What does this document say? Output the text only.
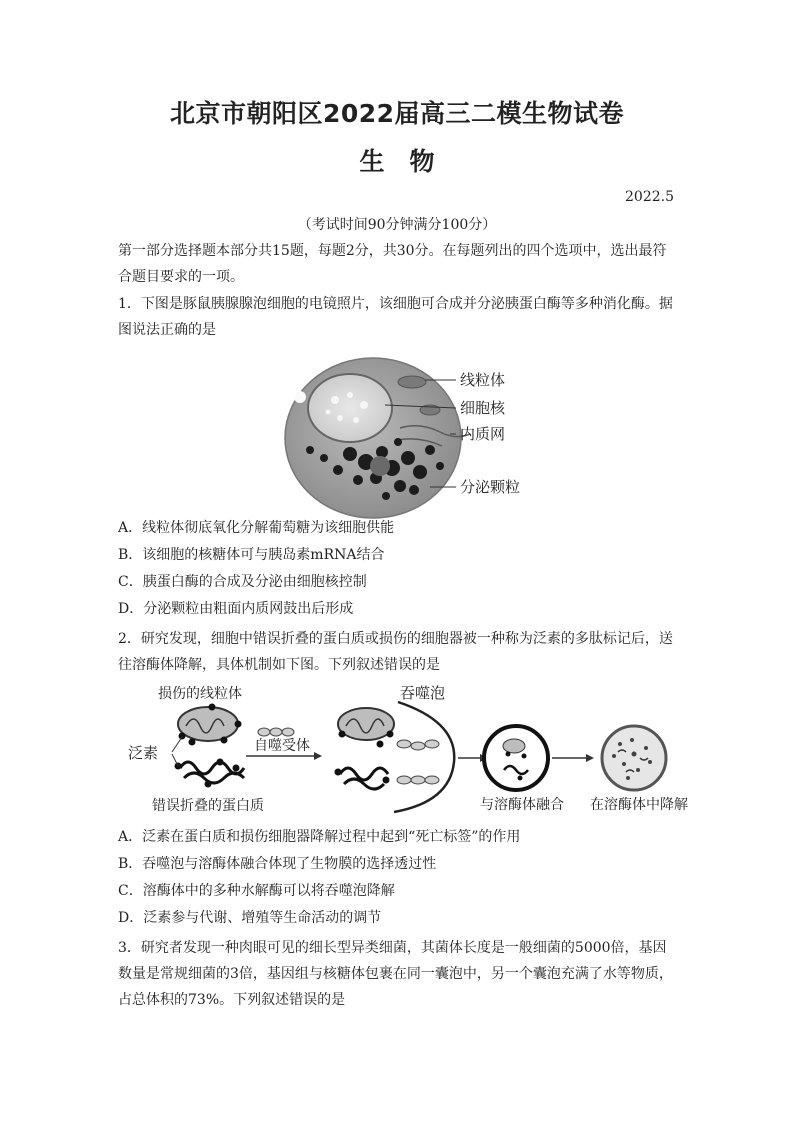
北京市朝阳区2022届高三二模生物试卷
生　物
2022.5
（考试时间90分钟满分100分）
第一部分选择题本部分共15题，每题2分，共30分。在每题列出的四个选项中，选出最符合题目要求的一项。
1．下图是豚鼠胰腺腺泡细胞的电镜照片，该细胞可合成并分泌胰蛋白酶等多种消化酶。据图说法正确的是
线粒体
细胞核
内质网
分泌颗粒
A．线粒体彻底氧化分解葡萄糖为该细胞供能
B．该细胞的核糖体可与胰岛素mRNA结合
C．胰蛋白酶的合成及分泌由细胞核控制
D．分泌颗粒由粗面内质网鼓出后形成
2．研究发现，细胞中错误折叠的蛋白质或损伤的细胞器被一种称为泛素的多肽标记后，送往溶酶体降解，具体机制如下图。下列叙述错误的是
泛素
损伤的线粒体
错误折叠的蛋白质
自噬受体
吞噬泡
与溶酶体融合 在溶酶体中降解
A．泛素在蛋白质和损伤细胞器降解过程中起到“死亡标签”的作用
B．吞噬泡与溶酶体融合体现了生物膜的选择透过性
C．溶酶体中的多种水解酶可以将吞噬泡降解
D．泛素参与代谢、增殖等生命活动的调节
3．研究者发现一种肉眼可见的细长型异类细菌，其菌体长度是一般细菌的5000倍，基因数量是常规细菌的3倍，基因组与核糖体包裹在同一囊泡中，另一个囊泡充满了水等物质，占总体积的73%。下列叙述错误的是
